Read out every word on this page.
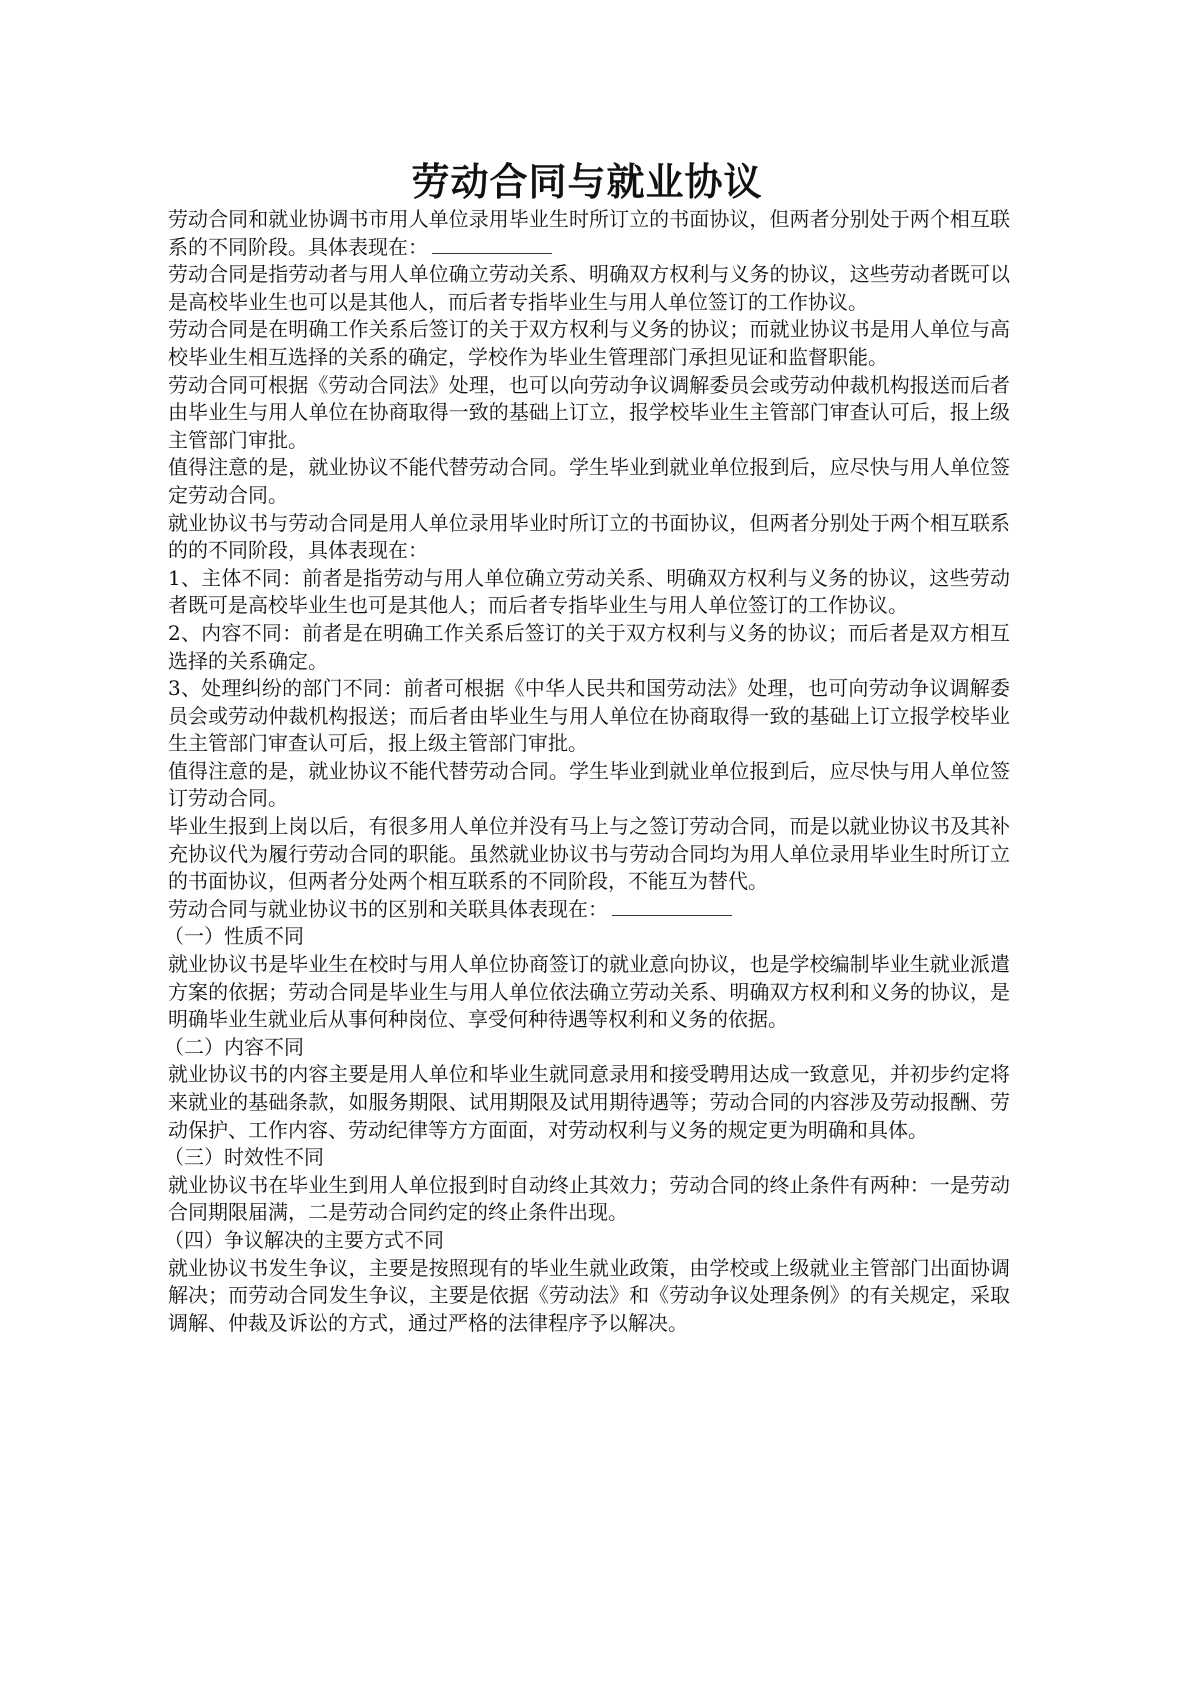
劳动合同与就业协议

劳动合同和就业协调书市用人单位录用毕业生时所订立的书面协议，但两者分别处于两个相互联系的不同阶段。具体表现在：

劳动合同是指劳动者与用人单位确立劳动关系、明确双方权利与义务的协议，这些劳动者既可以是高校毕业生也可以是其他人，而后者专指毕业生与用人单位签订的工作协议。

劳动合同是在明确工作关系后签订的关于双方权利与义务的协议；而就业协议书是用人单位与高校毕业生相互选择的关系的确定，学校作为毕业生管理部门承担见证和监督职能。

劳动合同可根据《劳动合同法》处理，也可以向劳动争议调解委员会或劳动仲裁机构报送而后者由毕业生与用人单位在协商取得一致的基础上订立，报学校毕业生主管部门审查认可后，报上级主管部门审批。

值得注意的是，就业协议不能代替劳动合同。学生毕业到就业单位报到后，应尽快与用人单位签定劳动合同。

就业协议书与劳动合同是用人单位录用毕业时所订立的书面协议，但两者分别处于两个相互联系的的不同阶段，具体表现在：

1、主体不同：前者是指劳动与用人单位确立劳动关系、明确双方权利与义务的协议，这些劳动者既可是高校毕业生也可是其他人；而后者专指毕业生与用人单位签订的工作协议。

2、内容不同：前者是在明确工作关系后签订的关于双方权利与义务的协议；而后者是双方相互选择的关系确定。

3、处理纠纷的部门不同：前者可根据《中华人民共和国劳动法》处理，也可向劳动争议调解委员会或劳动仲裁机构报送；而后者由毕业生与用人单位在协商取得一致的基础上订立报学校毕业生主管部门审查认可后，报上级主管部门审批。

值得注意的是，就业协议不能代替劳动合同。学生毕业到就业单位报到后，应尽快与用人单位签订劳动合同。

毕业生报到上岗以后，有很多用人单位并没有马上与之签订劳动合同，而是以就业协议书及其补充协议代为履行劳动合同的职能。虽然就业协议书与劳动合同均为用人单位录用毕业生时所订立的书面协议，但两者分处两个相互联系的不同阶段，不能互为替代。

劳动合同与就业协议书的区别和关联具体表现在：

（一）性质不同

就业协议书是毕业生在校时与用人单位协商签订的就业意向协议，也是学校编制毕业生就业派遣方案的依据；劳动合同是毕业生与用人单位依法确立劳动关系、明确双方权利和义务的协议，是明确毕业生就业后从事何种岗位、享受何种待遇等权利和义务的依据。

（二）内容不同

就业协议书的内容主要是用人单位和毕业生就同意录用和接受聘用达成一致意见，并初步约定将来就业的基础条款，如服务期限、试用期限及试用期待遇等；劳动合同的内容涉及劳动报酬、劳动保护、工作内容、劳动纪律等方方面面，对劳动权利与义务的规定更为明确和具体。

（三）时效性不同

就业协议书在毕业生到用人单位报到时自动终止其效力；劳动合同的终止条件有两种：一是劳动合同期限届满，二是劳动合同约定的终止条件出现。

（四）争议解决的主要方式不同

就业协议书发生争议，主要是按照现有的毕业生就业政策，由学校或上级就业主管部门出面协调解决；而劳动合同发生争议，主要是依据《劳动法》和《劳动争议处理条例》的有关规定，采取调解、仲裁及诉讼的方式，通过严格的法律程序予以解决。
